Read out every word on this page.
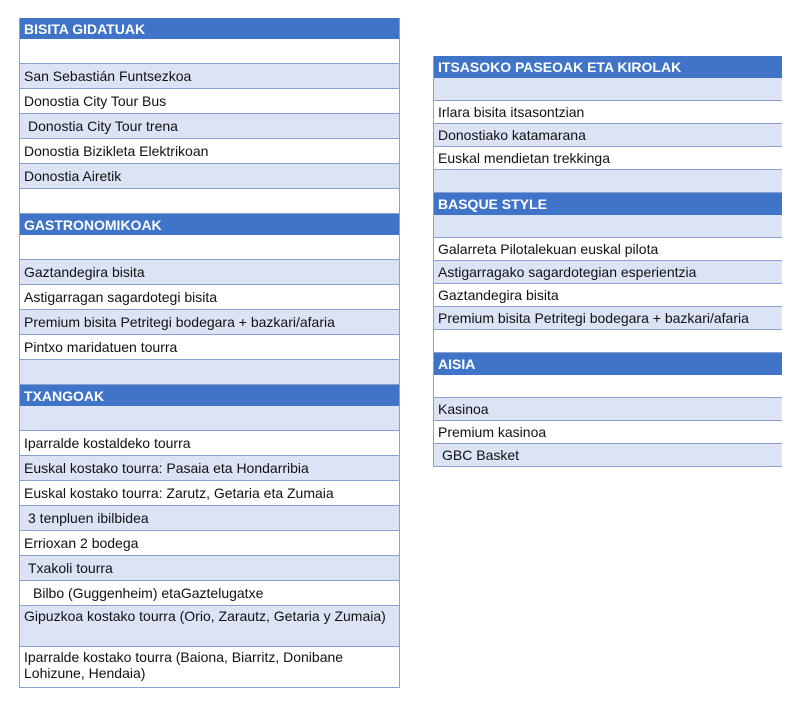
BISITA GIDATUAK
San Sebastián Funtsezkoa
Donostia City Tour Bus
Donostia City Tour trena
Donostia Bizikleta Elektrikoan
Donostia Airetik
GASTRONOMIKOAK
Gaztandegira bisita
Astigarragan sagardotegi bisita
Premium bisita Petritegi bodegara + bazkari/afaria
Pintxo maridatuen tourra
TXANGOAK
Iparralde kostaldeko tourra
Euskal kostako tourra: Pasaia eta Hondarribia
Euskal kostako tourra: Zarutz, Getaria eta Zumaia
3 tenpluen ibilbidea
Errioxan 2 bodega
Txakoli tourra
Bilbo (Guggenheim) etaGaztelugatxe
Gipuzkoa kostako tourra (Orio, Zarautz, Getaria y Zumaia)
Iparralde kostako tourra (Baiona, Biarritz, Donibane Lohizune, Hendaia)
ITSASOKO PASEOAK ETA KIROLAK
Irlara bisita itsasontzian
Donostiako katamarana
Euskal mendietan trekkinga
BASQUE STYLE
Galarreta Pilotalekuan euskal pilota
Astigarragako sagardotegian esperientzia
Gaztandegira bisita
Premium bisita Petritegi bodegara + bazkari/afaria
AISIA
Kasinoa
Premium kasinoa
GBC Basket
